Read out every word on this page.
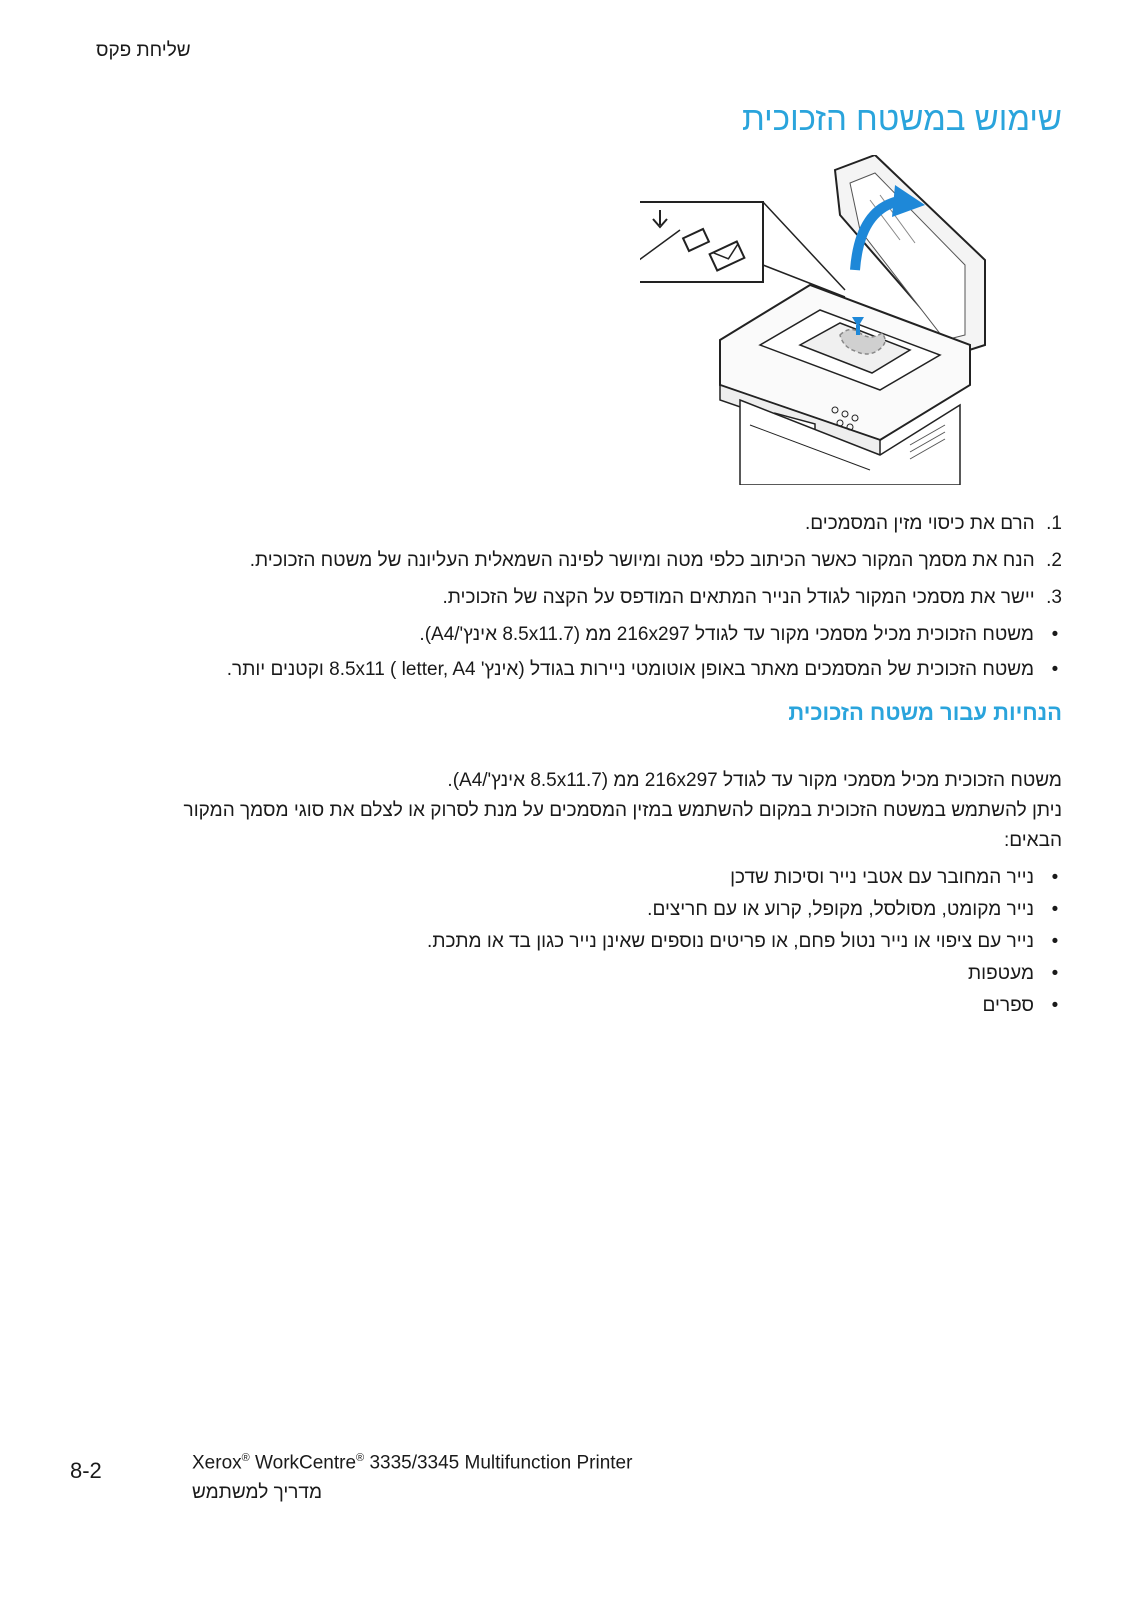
שליחת פקס
שימוש במשטח הזכוכית
1. הרם את כיסוי מזין המסמכים.
2. הנח את מסמך המקור כאשר הכיתוב כלפי מטה ומיושר לפינה השמאלית העליונה של משטח הזכוכית.
3. יישר את מסמכי המקור לגודל הנייר המתאים המודפס על הקצה של הזכוכית.
•משטח הזכוכית מכיל מסמכי מקור עד לגודל 216x297 ממ (8.5x11.7 אינץ'/A4).
•משטח הזכוכית של המסמכים מאתר באופן אוטומטי ניירות בגודל (אינץ' 8.5x11 ( letter, A4 וקטנים יותר.
הנחיות עבור משטח הזכוכית
משטח הזכוכית מכיל מסמכי מקור עד לגודל 216x297 ממ (8.5x11.7 אינץ'/A4).
ניתן להשתמש במשטח הזכוכית במקום להשתמש במזין המסמכים על מנת לסרוק או לצלם את סוגי מסמך המקור
הבאים:
•נייר המחובר עם אטבי נייר וסיכות שדכן
•נייר מקומט, מסולסל, מקופל, קרוע או עם חריצים.
•נייר עם ציפוי או נייר נטול פחם, או פריטים נוספים שאינן נייר כגון בד או מתכת.
•מעטפות
•ספרים
8-2	Xerox® WorkCentre® 3335/3345 Multifunction Printer
מדריך למשתמש
